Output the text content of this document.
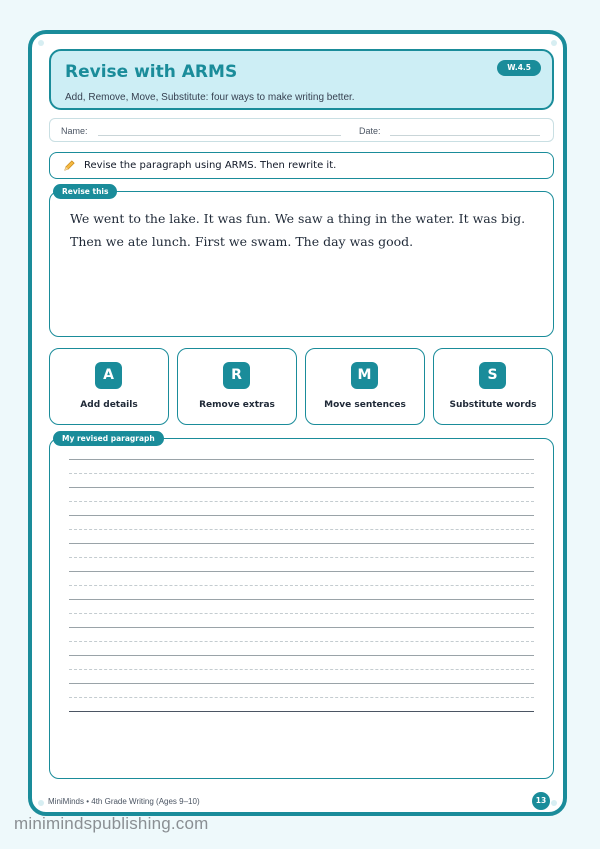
Revise with ARMS

Add, Remove, Move, Substitute: four ways to make writing better.

W.4.5
Name:	Date:
Revise the paragraph using ARMS. Then rewrite it.
Revise this

We went to the lake. It was fun. We saw a thing in the water. It was big. Then we ate lunch. First we swam. The day was good.

A
Add details
R
Remove extras
M
Move sentences
S
Substitute words
My revised paragraph
MiniMinds • 4th Grade Writing (Ages 9–10)	13
minimindspublishing.com
